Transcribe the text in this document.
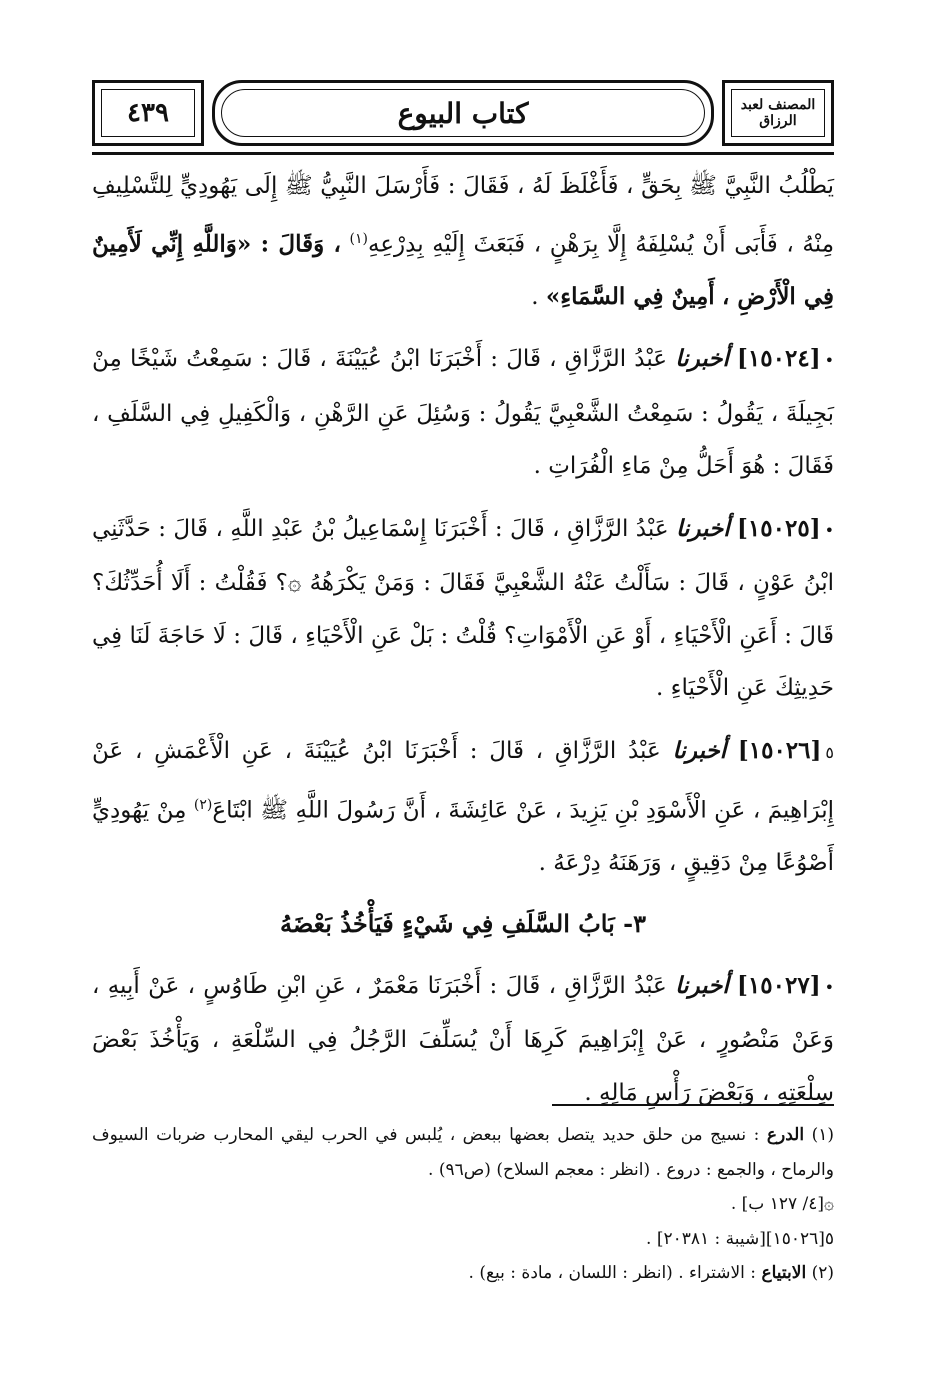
٤٣٩	كتاب البيوع	المصنف لعبد الرزاق

يَطْلُبُ النَّبِيَّ ﷺ بِحَقٍّ ، فَأَغْلَظَ لَهُ ، فَقَالَ : فَأَرْسَلَ النَّبِيُّ ﷺ إِلَى يَهُودِيٍّ لِلتَّسْلِيفِ مِنْهُ ، فَأَبَى أَنْ يُسْلِفَهُ إِلَّا بِرَهْنٍ ، فَبَعَثَ إِلَيْهِ بِدِرْعِهِ$^{(١)}$ ، وَقَالَ : «وَاللَّهِ إِنِّي لَأَمِينٌ فِي الْأَرْضِ ، أَمِينٌ فِي السَّمَاءِ» .

•[١٥٠٢٤] أخبرنا عَبْدُ الرَّزَّاقِ ، قَالَ : أَخْبَرَنَا ابْنُ عُيَيْنَةَ ، قَالَ : سَمِعْتُ شَيْخًا مِنْ بَجِيلَةَ ، يَقُولُ : سَمِعْتُ الشَّعْبِيَّ يَقُولُ : وَسُئِلَ عَنِ الرَّهْنِ ، وَالْكَفِيلِ فِي السَّلَفِ ، فَقَالَ : هُوَ أَحَلُّ مِنْ مَاءِ الْفُرَاتِ .

•[١٥٠٢٥] أخبرنا عَبْدُ الرَّزَّاقِ ، قَالَ : أَخْبَرَنَا إِسْمَاعِيلُ بْنُ عَبْدِ اللَّهِ ، قَالَ : حَدَّثَنِي ابْنُ عَوْنٍ ، قَالَ : سَأَلْتُ عَنْهُ الشَّعْبِيَّ فَقَالَ : وَمَنْ يَكْرَهُهُ ۞؟ فَقُلْتُ : أَلَا أُحَدِّثُكَ؟ قَالَ : أَعَنِ الْأَحْيَاءِ ، أَوْ عَنِ الْأَمْوَاتِ؟ قُلْتُ : بَلْ عَنِ الْأَحْيَاءِ ، قَالَ : لَا حَاجَةَ لَنَا فِي حَدِيثِكَ عَنِ الْأَحْيَاءِ .

٥[١٥٠٢٦] أخبرنا عَبْدُ الرَّزَّاقِ ، قَالَ : أَخْبَرَنَا ابْنُ عُيَيْنَةَ ، عَنِ الْأَعْمَشِ ، عَنْ إِبْرَاهِيمَ ، عَنِ الْأَسْوَدِ بْنِ يَزِيدَ ، عَنْ عَائِشَةَ ، أَنَّ رَسُولَ اللَّهِ ﷺ ابْتَاعَ$^{(٢)}$ مِنْ يَهُودِيٍّ أَصْوُعًا مِنْ دَقِيقٍ ، وَرَهَنَهُ دِرْعَهُ .

٣- بَابُ السَّلَفِ فِي شَيْءٍ فَيَأْخُذُ بَعْضَهُ

•[١٥٠٢٧] أخبرنا عَبْدُ الرَّزَّاقِ ، قَالَ : أَخْبَرَنَا مَعْمَرٌ ، عَنِ ابْنِ طَاوُسٍ ، عَنْ أَبِيهِ ، وَعَنْ مَنْصُورٍ ، عَنْ إِبْرَاهِيمَ كَرِهَا أَنْ يُسَلِّفَ الرَّجُلُ فِي السِّلْعَةِ ، وَيَأْخُذَ بَعْضَ سِلْعَتِهِ ، وَبَعْضَ رَأْسِ مَالِهِ .

(١) الدرع : نسيج من حلق حديد يتصل بعضها ببعض ، يُلبس في الحرب ليقي المحارب ضربات السيوف والرماح ، والجمع : دروع . (انظر : معجم السلاح) (ص٩٦) .

۞[٤/ ١٢٧ ب] .

٥[١٥٠٢٦][شيبة : ٢٠٣٨١] .

(٢) الابتياع : الاشتراء . (انظر : اللسان ، مادة : بيع) .
